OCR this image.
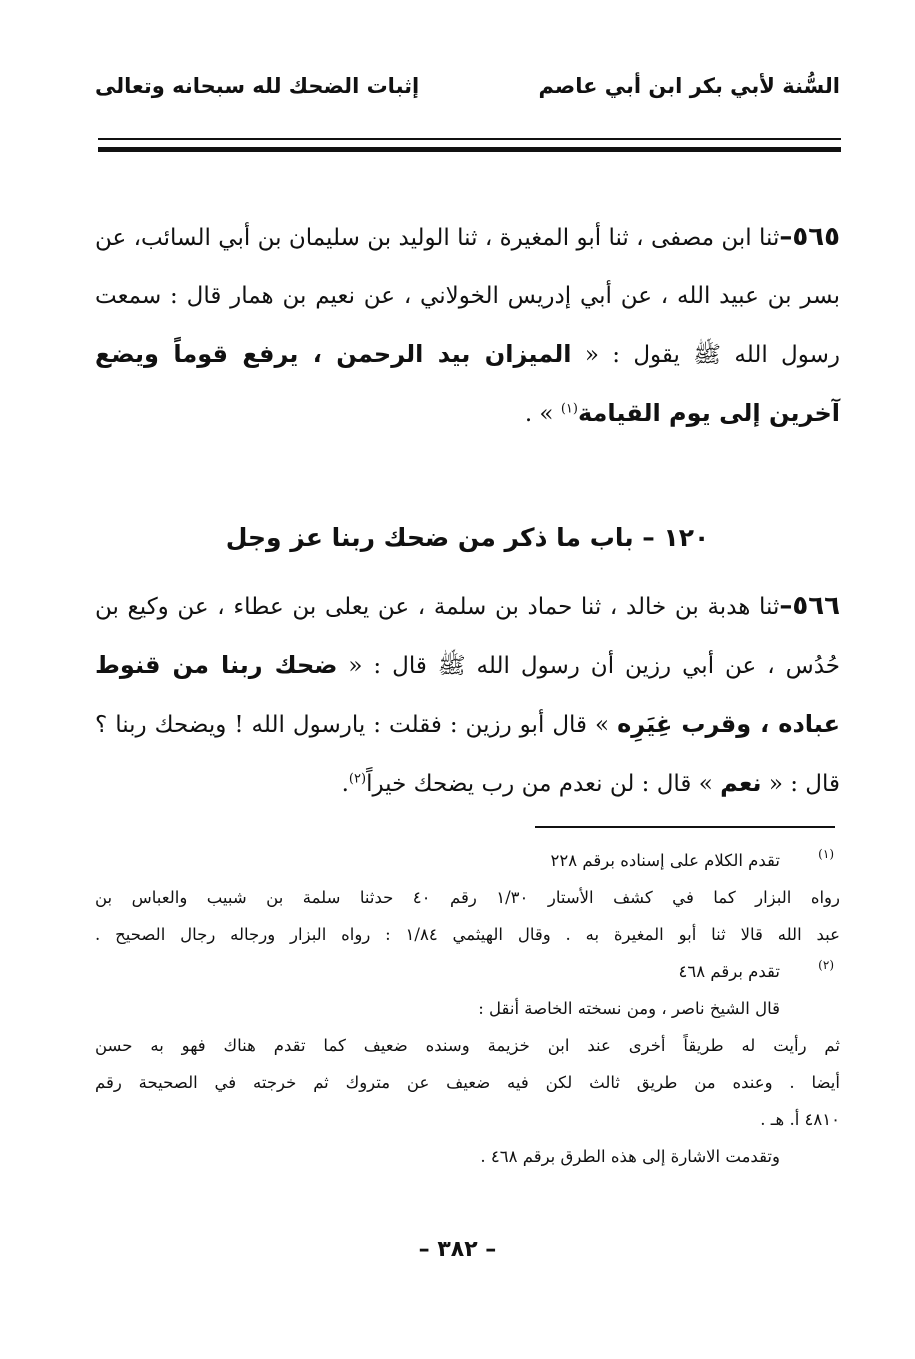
السُّنة لأبي بكر ابن أبي عاصم
إثبات الضحك لله سبحانه وتعالى
٥٦٥–ثنا ابن مصفى ، ثنا أبو المغيرة ، ثنا الوليد بن سليمان بن أبي السائب، عن بسر بن عبيد الله ، عن أبي إدريس الخولاني ، عن نعيم بن همار قال : سمعت رسول الله ﷺ يقول : « الميزان بيد الرحمن ، يرفع قوماً ويضع آخرين إلى يوم القيامة$^{(١)}$ » .
١٢٠ – باب ما ذكر من ضحك ربنا عز وجل
٥٦٦–ثنا هدبة بن خالد ، ثنا حماد بن سلمة ، عن يعلى بن عطاء ، عن وكيع بن حُدُس ، عن أبي رزين أن رسول الله ﷺ قال : « ضحك ربنا من قنوط عباده ، وقرب غِيَرِه » قال أبو رزين : فقلت : يارسول الله ! ويضحك ربنا ؟ قال : « نعم » قال : لن نعدم من رب يضحك خيراً$^{(٢)}$.
(١)
تقدم الكلام على إسناده برقم ٢٢٨
رواه البزار كما في كشف الأستار ١/٣٠ رقم ٤٠ حدثنا سلمة بن شبيب والعباس بن
عبد الله قالا ثنا أبو المغيرة به . وقال الهيثمي ١/٨٤ : رواه البزار ورجاله رجال الصحيح .
(٢)
تقدم برقم ٤٦٨
قال الشيخ ناصر ، ومن نسخته الخاصة أنقل :
ثم رأيت له طريقاً أخرى عند ابن خزيمة وسنده ضعيف كما تقدم هناك فهو به حسن
أيضا . وعنده من طريق ثالث لكن فيه ضعيف عن متروك ثم خرجته في الصحيحة رقم
٤٨١٠ أ. هـ .
وتقدمت الاشارة إلى هذه الطرق برقم ٤٦٨ .
– ٣٨٢ –
